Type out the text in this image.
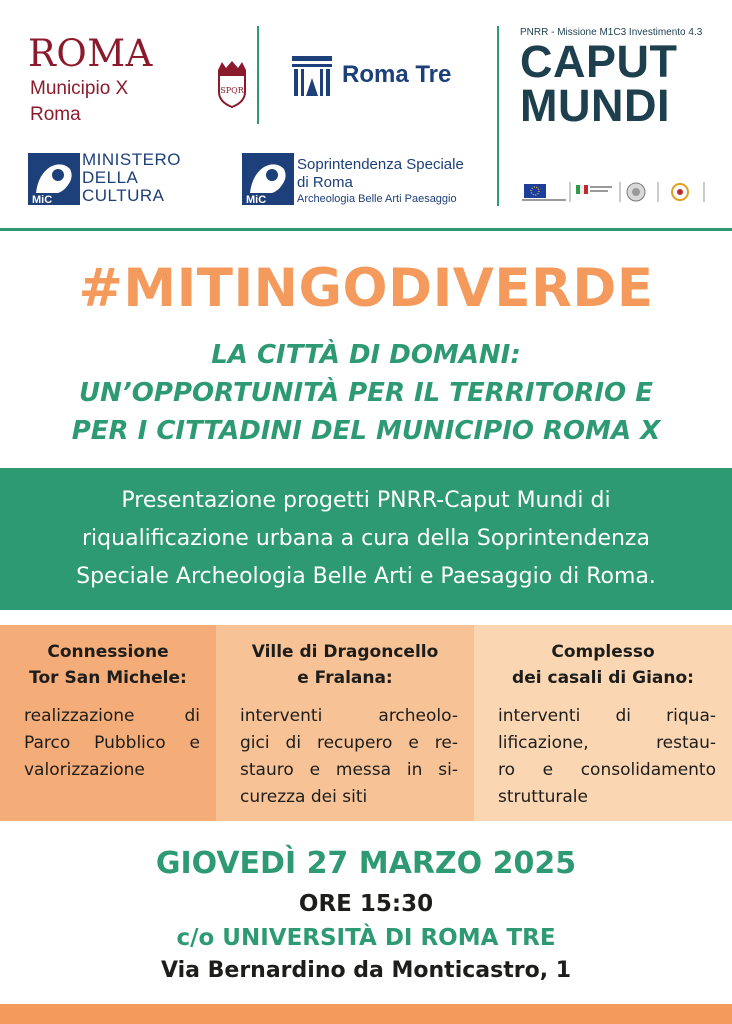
ROMA
Municipio X
Roma
SPQR
Roma Tre
MiC
MINISTERO
DELLA
CULTURA	MiC
Soprintendenza Speciale
di Roma
Archeologia Belle Arti Paesaggio
PNRR - Missione M1C3 Investimento 4.3
CAPUT
MUNDI
#MITINGODIVERDE
LA CITTÀ DI DOMANI:
UN’OPPORTUNITÀ PER IL TERRITORIO E
PER I CITTADINI DEL MUNICIPIO ROMA X
Presentazione progetti PNRR-Caput Mundi di
riqualificazione urbana a cura della Soprintendenza
Speciale Archeologia Belle Arti e Paesaggio di Roma.
Connessione
Tor San Michele:
realizzazione di
Parco Pubblico e
valorizzazione
Ville di Dragoncello
e Fralana:
interventi archeolo-
gici di recupero e re-
stauro e messa in si-
curezza dei siti
Complesso
dei casali di Giano:
interventi di riqua-
lificazione, restau-
ro e consolidamento
strutturale
GIOVEDÌ 27 MARZO 2025
ORE 15:30
c/o UNIVERSITÀ DI ROMA TRE
Via Bernardino da Monticastro, 1
